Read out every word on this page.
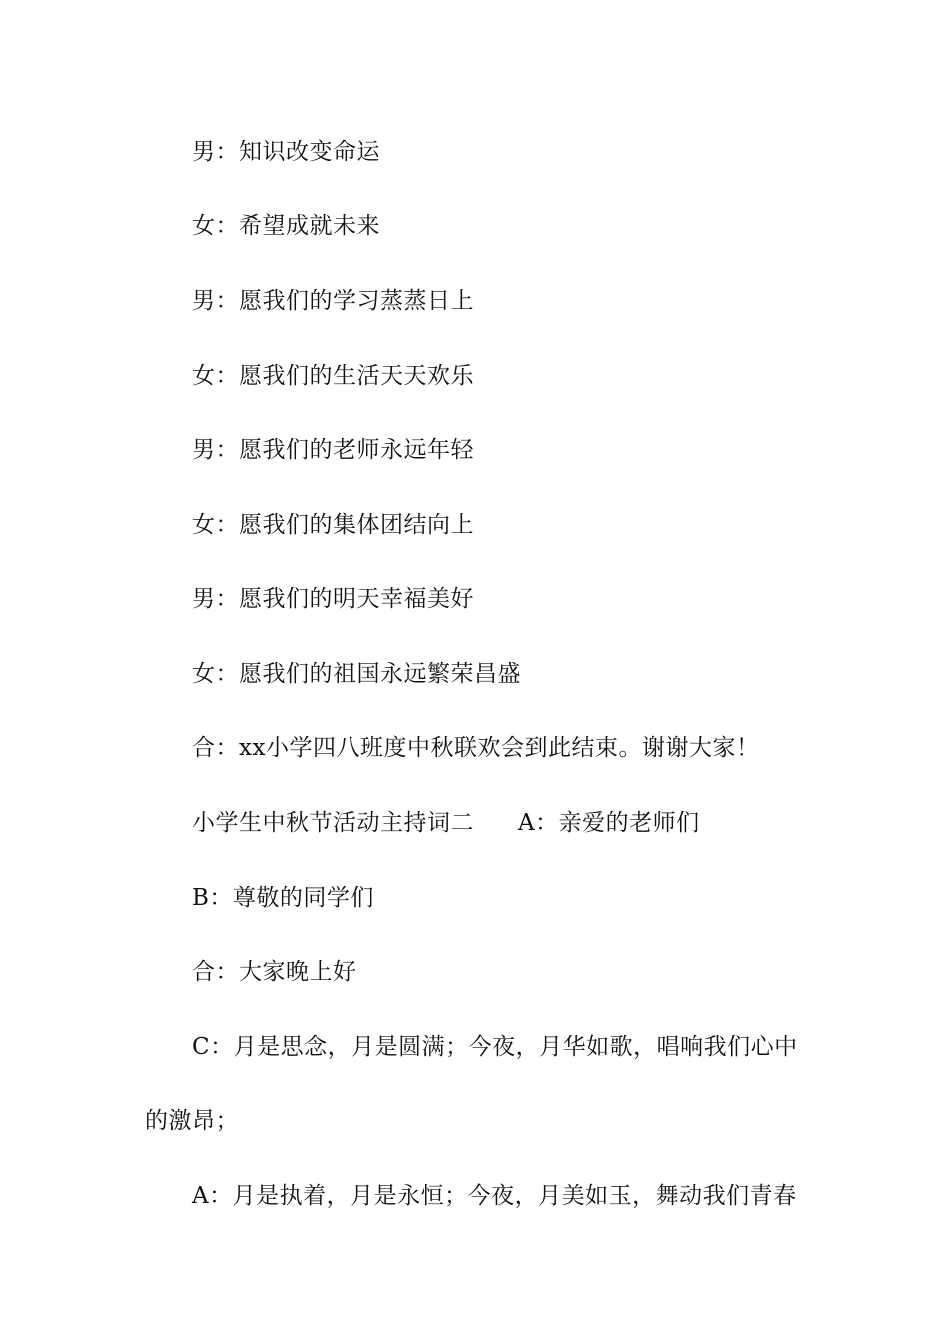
男：知识改变命运
女：希望成就未来
男：愿我们的学习蒸蒸日上
女：愿我们的生活天天欢乐
男：愿我们的老师永远年轻
女：愿我们的集体团结向上
男：愿我们的明天幸福美好
女：愿我们的祖国永远繁荣昌盛
合：xx小学四八班度中秋联欢会到此结束。谢谢大家！
小学生中秋节活动主持词二 A：亲爱的老师们
B：尊敬的同学们
合：大家晚上好
C：月是思念，月是圆满；今夜，月华如歌，唱响我们心中
的激昂；
A：月是执着，月是永恒；今夜，月美如玉，舞动我们青春
